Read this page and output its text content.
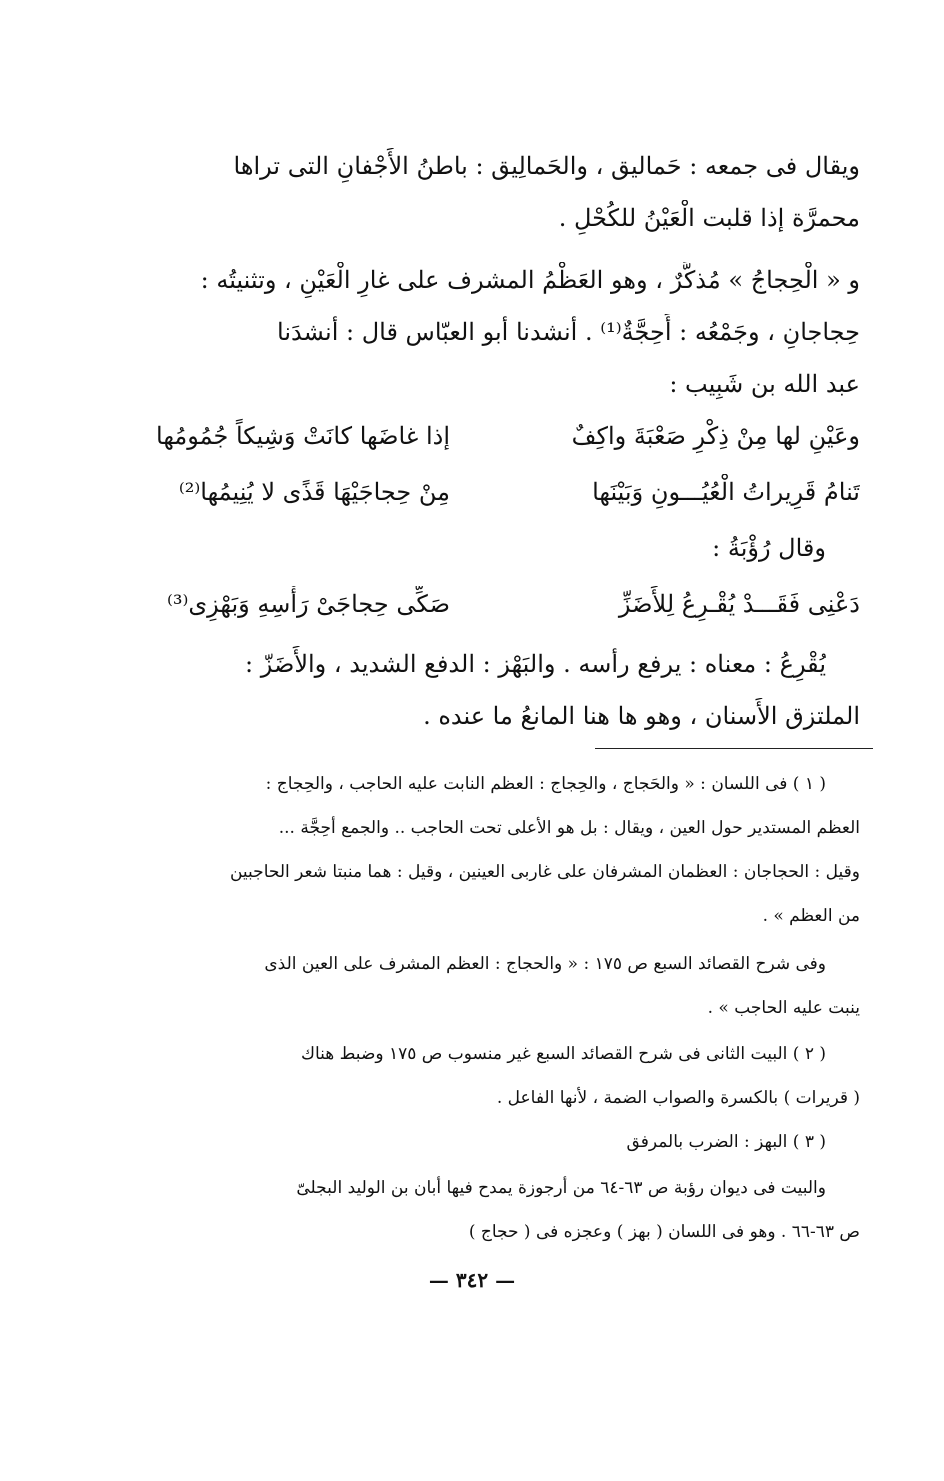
ويقال فى جمعه : حَماليق ، والحَمالِيق : باطنُ الأَجْفانِ التى تراها
محمرَّة إذا قلبت الْعَيْنُ للكُحْلِ .
و « الْحِجاجُ » مُذكَّرٌ ، وهو العَظْمُ المشرف على غارِ الْعَيْنِ ، وتثنيتُه :
حِجاجانِ ، وجَمْعُه : أَحِجَّةٌ⁽¹⁾ . أنشدنا أبو العبّاس قال : أنشدَنا
عبد الله بن شَبِيب :
وعَيْنٍ لها مِنْ ذِكْرِ صَعْبَةَ واكِفٌ
إذا غاضَها كانَتْ وَشِيكاً جُمُومُها
تَنامُ قَرِيراتُ الْعُيُـــونِ وَبَيْنَها
مِنْ حِجاجَيْهَا قَذًى لا يُنِيمُها⁽²⁾
وقال رُؤْبَةُ :
دَعْنِى فَقَـــدْ يُقْـرِعُ لِلأَضَزِّ
صَكِّى حِجاجَىْ رَأْسِهِ وَبَهْزِى⁽³⁾
يُقْرِعُ : معناه : يرفع رأسه . والبَهْز : الدفع الشديد ، والأَضَزّ :
الملتزق الأَسنان ، وهو ها هنا المانعُ ما عنده .
( ١ ) فى اللسان : « والحَجاج ، والحِجاج : العظم النابت عليه الحاجب ، والحِجاج :
العظم المستدير حول العين ، ويقال : بل هو الأعلى تحت الحاجب .. والجمع أحِجَّة ...
وقيل : الحجاجان : العظمان المشرفان على غاربى العينين ، وقيل : هما منبتا شعر الحاجبين
من العظم » .
وفى شرح القصائد السبع ص ١٧٥ : « والحجاج : العظم المشرف على العين الذى
ينبت عليه الحاجب » .
( ٢ ) البيت الثانى فى شرح القصائد السبع غير منسوب ص ١٧٥ وضبط هناك
( قريرات ) بالكسرة والصواب الضمة ، لأنها الفاعل .
( ٣ ) البهز : الضرب بالمرفق
والبيت فى ديوان رؤبة ص ٦٣-٦٤ من أرجوزة يمدح فيها أبان بن الوليد البجلىّ
ص ٦٣-٦٦ . وهو فى اللسان ( بهز ) وعجزه فى ( حجاج )
— ٣٤٢ —
